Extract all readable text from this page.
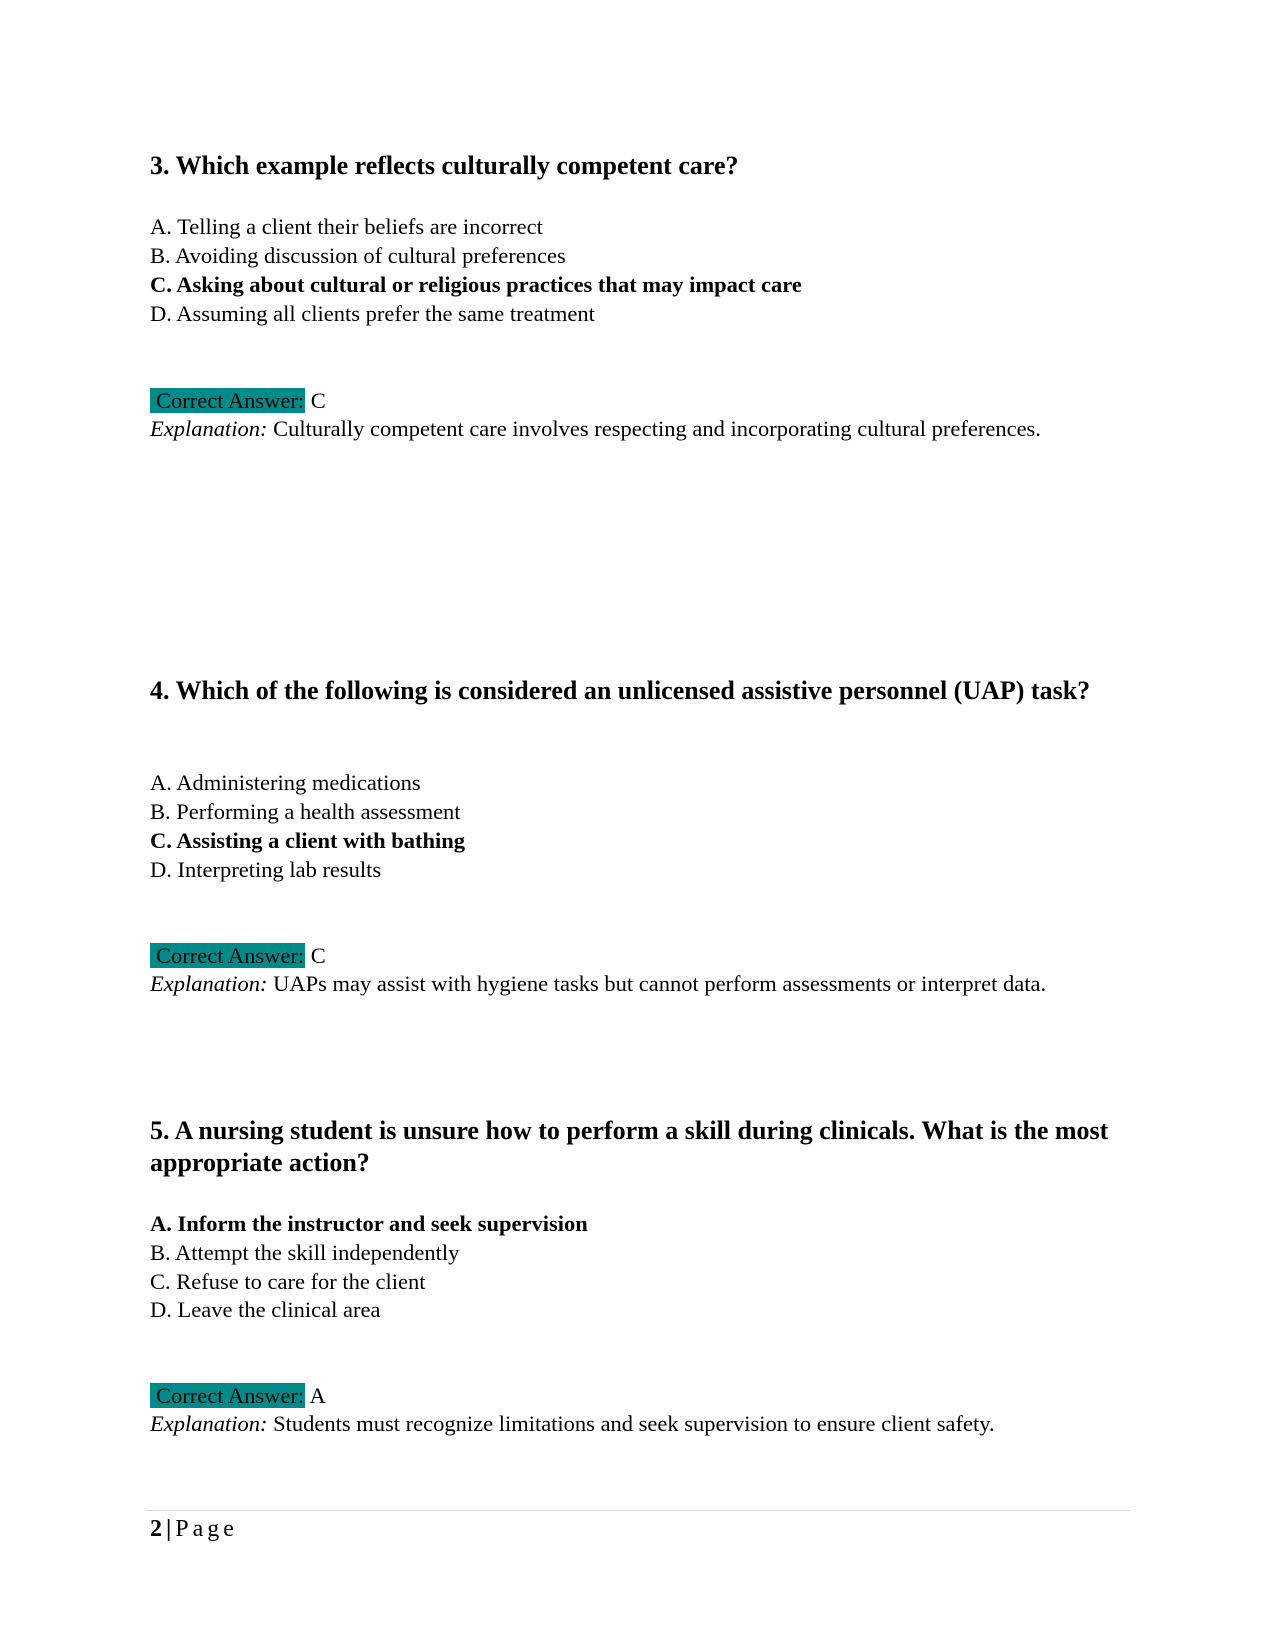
3. Which example reflects culturally competent care?
A. Telling a client their beliefs are incorrect
B. Avoiding discussion of cultural preferences
C. Asking about cultural or religious practices that may impact care
D. Assuming all clients prefer the same treatment
Correct Answer: C
Explanation: Culturally competent care involves respecting and incorporating cultural preferences.
4. Which of the following is considered an unlicensed assistive personnel (UAP) task?
A. Administering medications
B. Performing a health assessment
C. Assisting a client with bathing
D. Interpreting lab results
Correct Answer: C
Explanation: UAPs may assist with hygiene tasks but cannot perform assessments or interpret data.
5. A nursing student is unsure how to perform a skill during clinicals. What is the most appropriate action?
A. Inform the instructor and seek supervision
B. Attempt the skill independently
C. Refuse to care for the client
D. Leave the clinical area
Correct Answer: A
Explanation: Students must recognize limitations and seek supervision to ensure client safety.
2 | Page
